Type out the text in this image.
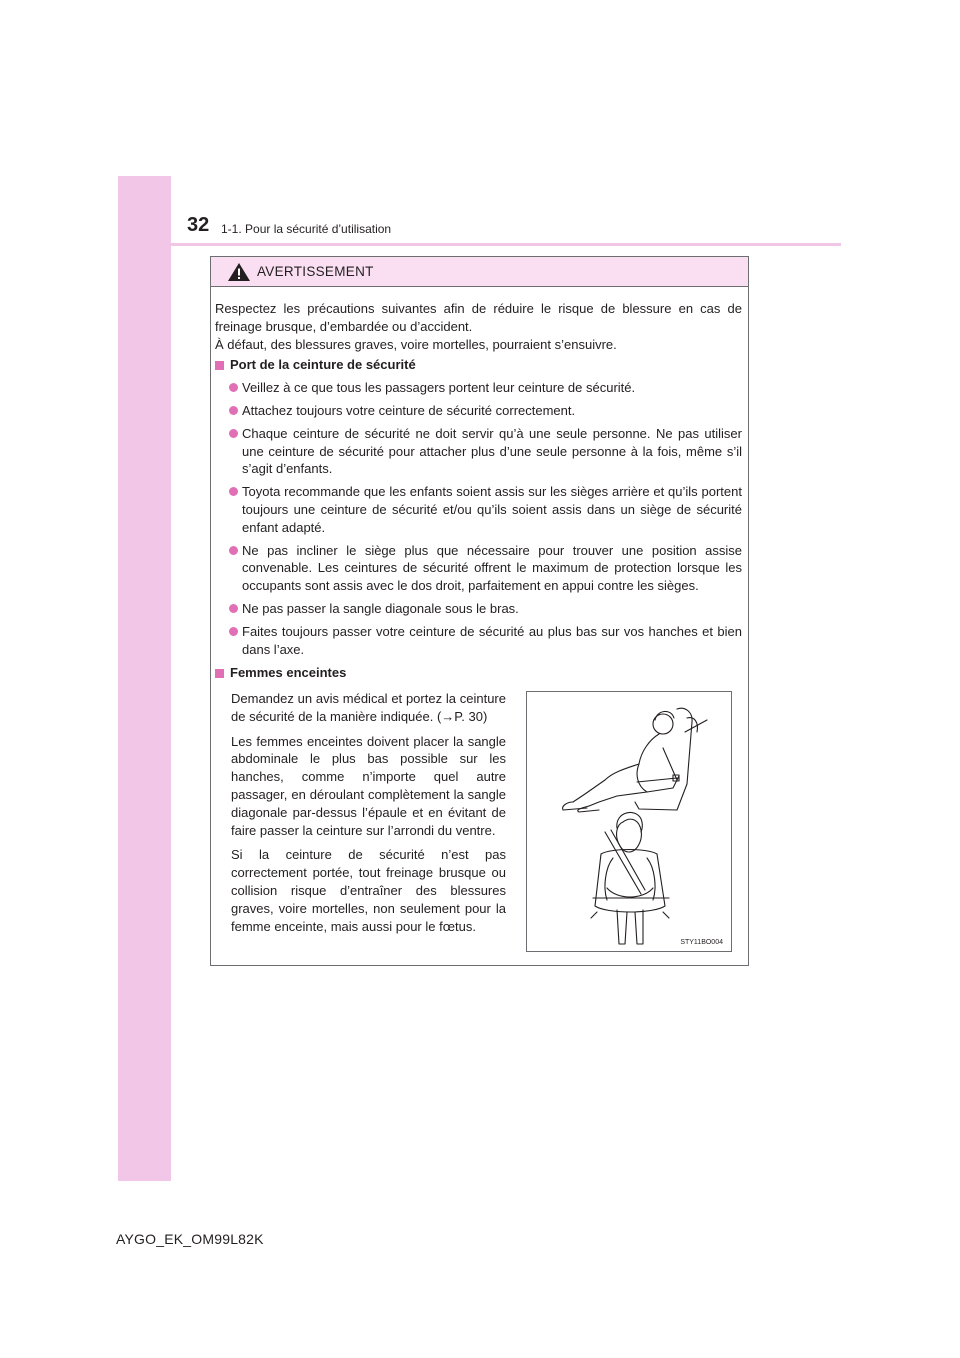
32 1-1. Pour la sécurité d’utilisation
AVERTISSEMENT

Respectez les précautions suivantes afin de réduire le risque de blessure en cas de freinage brusque, d’embardée ou d’accident.

À défaut, des blessures graves, voire mortelles, pourraient s’ensuivre.

Port de la ceinture de sécurité
Veillez à ce que tous les passagers portent leur ceinture de sécurité.
Attachez toujours votre ceinture de sécurité correctement.
Chaque ceinture de sécurité ne doit servir qu’à une seule personne. Ne pas utiliser une ceinture de sécurité pour attacher plus d’une seule personne à la fois, même s’il s’agit d’enfants.
Toyota recommande que les enfants soient assis sur les sièges arrière et qu’ils portent toujours une ceinture de sécurité et/ou qu’ils soient assis dans un siège de sécurité enfant adapté.
Ne pas incliner le siège plus que nécessaire pour trouver une position assise convenable. Les ceintures de sécurité offrent le maximum de protection lorsque les occupants sont assis avec le dos droit, parfaitement en appui contre les sièges.
Ne pas passer la sangle diagonale sous le bras.
Faites toujours passer votre ceinture de sécurité au plus bas sur vos hanches et bien dans l’axe.
Femmes enceintes

Demandez un avis médical et portez la ceinture de sécurité de la manière indiquée. (→P. 30)

Les femmes enceintes doivent placer la sangle abdominale le plus bas possible sur les hanches, comme n’importe quel autre passager, en déroulant complètement la sangle diagonale par-dessus l’épaule et en évitant de faire passer la ceinture sur l’arrondi du ventre.

Si la ceinture de sécurité n’est pas correctement portée, tout freinage brusque ou collision risque d’entraîner des blessures graves, voire mortelles, non seulement pour la femme enceinte, mais aussi pour le fœtus.

STY11BO004
AYGO_EK_OM99L82K
